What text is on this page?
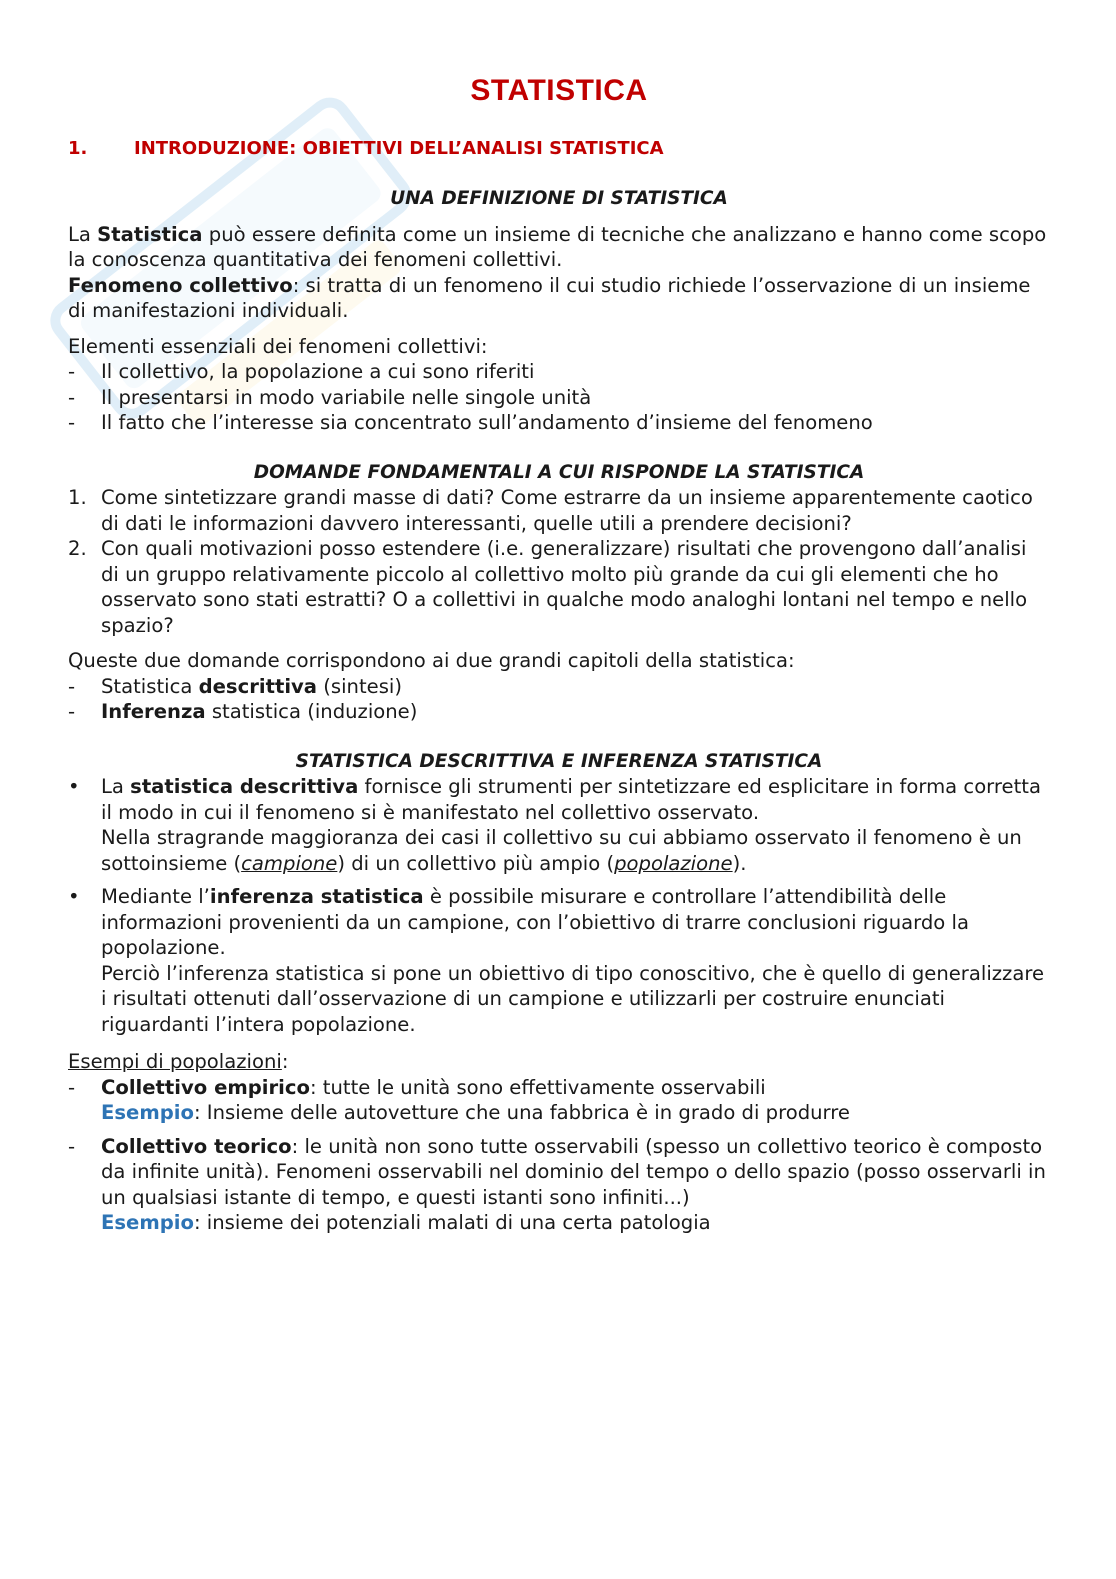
STATISTICA
1.	INTRODUZIONE: OBIETTIVI DELL’ANALISI STATISTICA
UNA DEFINIZIONE DI STATISTICA

La Statistica può essere definita come un insieme di tecniche che analizzano e hanno come scopo la conoscenza quantitativa dei fenomeni collettivi.

Fenomeno collettivo: si tratta di un fenomeno il cui studio richiede l’osservazione di un insieme di manifestazioni individuali.

Elementi essenziali dei fenomeni collettivi:

-	Il collettivo, la popolazione a cui sono riferiti
-	Il presentarsi in modo variabile nelle singole unità
-	Il fatto che l’interesse sia concentrato sull’andamento d’insieme del fenomeno
DOMANDE FONDAMENTALI A CUI RISPONDE LA STATISTICA
1. Come sintetizzare grandi masse di dati? Come estrarre da un insieme apparentemente caotico di dati le informazioni davvero interessanti, quelle utili a prendere decisioni?
2. Con quali motivazioni posso estendere (i.e. generalizzare) risultati che provengono dall’analisi di un gruppo relativamente piccolo al collettivo molto più grande da cui gli elementi che ho osservato sono stati estratti? O a collettivi in qualche modo analoghi lontani nel tempo e nello spazio?

Queste due domande corrispondono ai due grandi capitoli della statistica:

-	Statistica descrittiva (sintesi)
-	Inferenza statistica (induzione)
STATISTICA DESCRITTIVA E INFERENZA STATISTICA
•	La statistica descrittiva fornisce gli strumenti per sintetizzare ed esplicitare in forma corretta il modo in cui il fenomeno si è manifestato nel collettivo osservato.
Nella stragrande maggioranza dei casi il collettivo su cui abbiamo osservato il fenomeno è un sottoinsieme (campione) di un collettivo più ampio (popolazione).
•	Mediante l’inferenza statistica è possibile misurare e controllare l’attendibilità delle informazioni provenienti da un campione, con l’obiettivo di trarre conclusioni riguardo la popolazione.
Perciò l’inferenza statistica si pone un obiettivo di tipo conoscitivo, che è quello di generalizzare i risultati ottenuti dall’osservazione di un campione e utilizzarli per costruire enunciati riguardanti l’intera popolazione.

Esempi di popolazioni:

-	Collettivo empirico: tutte le unità sono effettivamente osservabili
Esempio: Insieme delle autovetture che una fabbrica è in grado di produrre
-	Collettivo teorico: le unità non sono tutte osservabili (spesso un collettivo teorico è composto da infinite unità). Fenomeni osservabili nel dominio del tempo o dello spazio (posso osservarli in un qualsiasi istante di tempo, e questi istanti sono infiniti...)
Esempio: insieme dei potenziali malati di una certa patologia
